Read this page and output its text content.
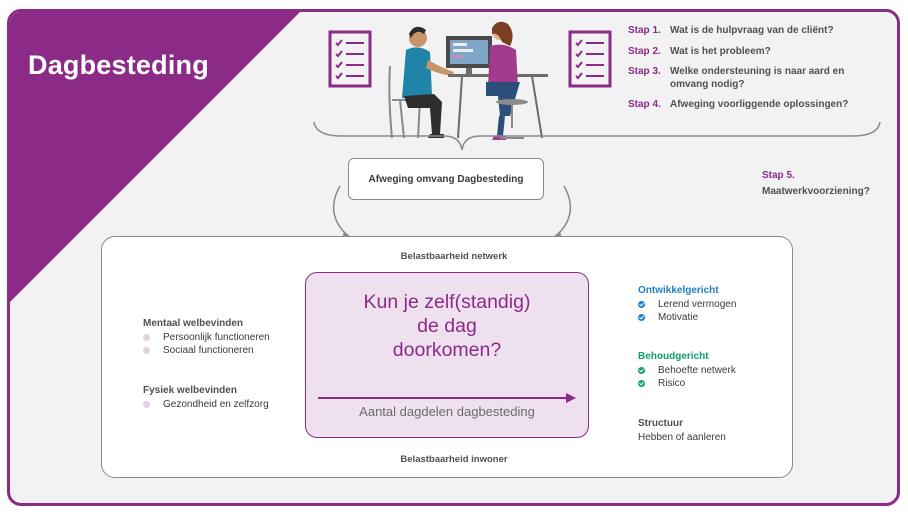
Dagbesteding
Stap 1. Wat is de hulpvraag van de cliënt?
Stap 2. Wat is het probleem?
Stap 3. Welke ondersteuning is naar aard en omvang nodig?
Stap 4. Afweging voorliggende oplossingen?
Stap 5.
Maatwerkvoorziening?
Afweging omvang Dagbesteding
Belastbaarheid netwerk
Belastbaarheid inwoner
Kun je zelf(standig)
de dag
doorkomen?
Aantal dagdelen dagbesteding
Mentaal welbevinden
Persoonlijk functioneren
Sociaal functioneren
Fysiek welbevinden
Gezondheid en zelfzorg
Ontwikkelgericht
Lerend vermogen
Motivatie
Behoudgericht
Behoefte netwerk
Risico
Structuur
Hebben of aanleren
